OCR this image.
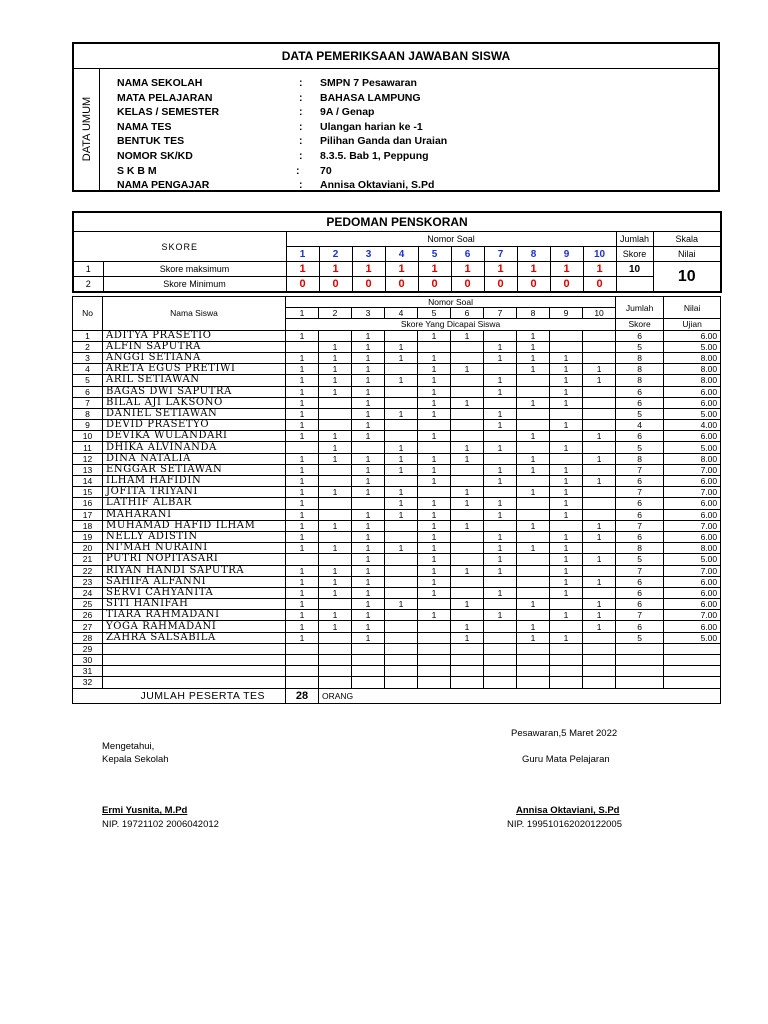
DATA PEMERIKSAAN JAWABAN SISWA
DATA UMUM
NAMA SEKOLAH	: SMPN 7 Pesawaran
MATA PELAJARAN	: BAHASA LAMPUNG
KELAS / SEMESTER	: 9A / Genap
NAMA TES	: Ulangan harian ke -1
BENTUK TES	: Pilihan Ganda dan Uraian
NOMOR SK/KD	: 8.3.5. Bab 1, Peppung
S K B M	: 70
NAMA PENGAJAR	: Annisa Oktaviani, S.Pd
PEDOMAN PENSKORAN													
SKORE		Nomor Soal										Jumlah	Skala
		1	2	3	4	5	6	7	8	9	10	Skore	Nilai
1	Skore maksimum	1	1	1	1	1	1	1	1	1	1	10	10
2	Skore Minimum	0	0	0	0	0	0	0	0	0	0		
No	Nama Siswa	Nomor Soal										Jumlah	Nilai
		1	2	3	4	5	6	7	8	9	10		
		Skore Yang Dicapai Siswa										Skore	Ujian
1	ADITYA PRASETIO	1		1		1	1		1			6	6.00
2	ALFIN SAPUTRA		1	1	1			1	1			5	5.00
3	ANGGI SETIANA	1	1	1	1	1		1	1	1		8	8.00
4	ARETA EGUS PRETIWI	1	1	1		1	1		1	1	1	8	8.00
5	ARIL SETIAWAN	1	1	1	1	1		1		1	1	8	8.00
6	BAGAS DWI SAPUTRA	1	1	1		1		1		1		6	6.00
7	BILAL AJI LAKSONO	1		1		1	1		1	1		6	6.00
8	DANIEL SETIAWAN	1		1	1	1		1				5	5.00
9	DEVID PRASETYO	1		1				1		1		4	4.00
10	DEVIKA WULANDARI	1	1	1		1			1		1	6	6.00
11	DHIKA ALVINANDA		1		1		1	1		1		5	5.00
12	DINA NATALIA	1	1	1	1	1	1		1		1	8	8.00
13	ENGGAR SETIAWAN	1		1	1	1		1	1	1		7	7.00
14	ILHAM HAFIDIN	1		1		1		1		1	1	6	6.00
15	JOFITA TRIYANI	1	1	1	1		1		1	1		7	7.00
16	LATHIF ALBAR	1			1	1	1	1		1		6	6.00
17	MAHARANI	1		1	1	1		1		1		6	6.00
18	MUHAMAD HAFID ILHAM	1	1	1		1	1		1		1	7	7.00
19	NELLY ADISTIN	1		1		1		1		1	1	6	6.00
20	NI'MAH NURAINI	1	1	1	1	1		1	1	1		8	8.00
21	PUTRI NOPITASARI			1		1		1		1	1	5	5.00
22	RIYAN HANDI SAPUTRA	1	1	1		1	1	1		1		7	7.00
23	SAHIFA ALFANNI	1	1	1		1				1	1	6	6.00
24	SERVI CAHYANITA	1	1	1		1		1		1		6	6.00
25	SITI HANIFAH	1		1	1		1		1		1	6	6.00
26	TIARA RAHMADANI	1	1	1		1		1		1	1	7	7.00
27	YOGA RAHMADANI	1	1	1			1		1		1	6	6.00
28	ZAHRA SALSABILA	1		1			1		1	1		5	5.00
29													
30													
31													
32													
JUMLAH PESERTA TES		28	ORANG										
Pesawaran,5 Maret 2022
Mengetahui,
Kepala Sekolah	Guru Mata Pelajaran
Ermi Yusnita, M.Pd
NIP. 19721102 2006042012
Annisa Oktaviani, S.Pd
NIP. 199510162020122005
